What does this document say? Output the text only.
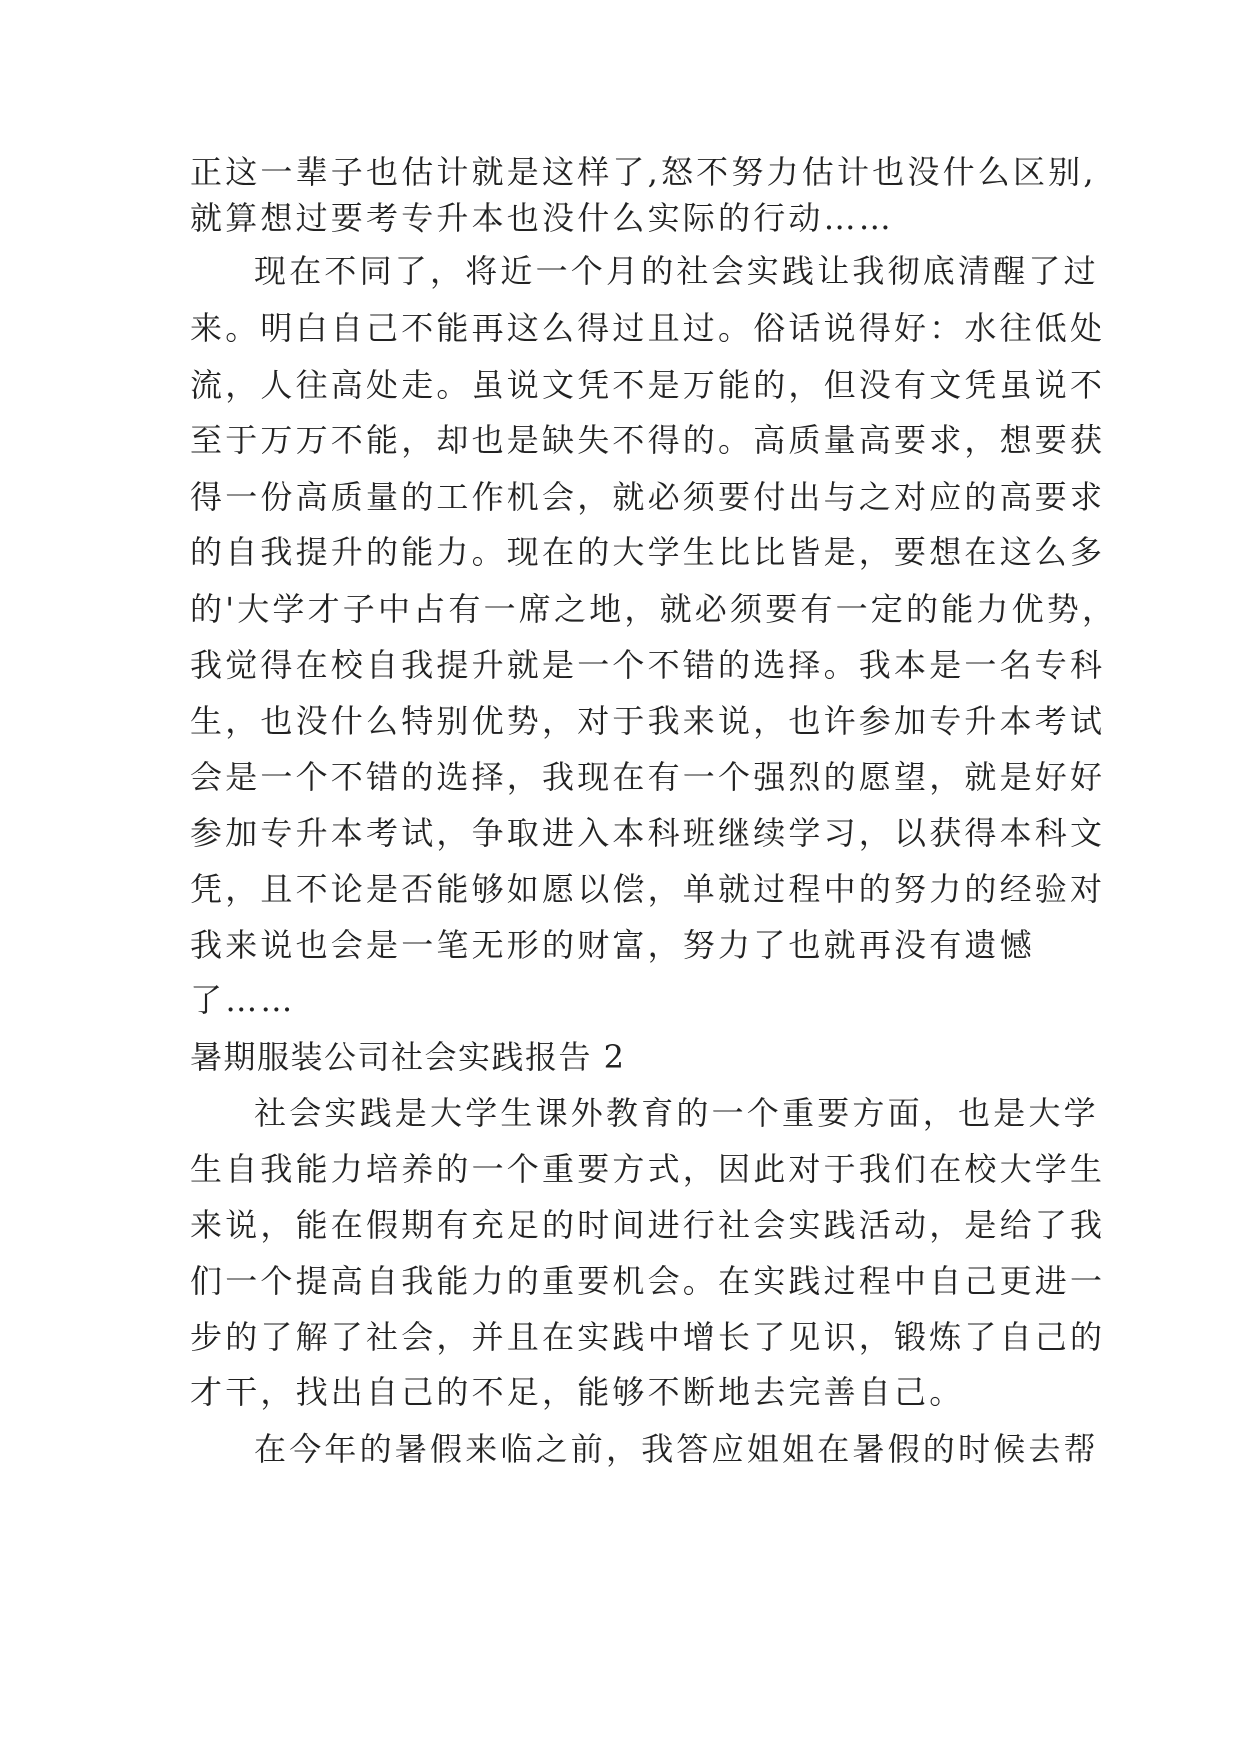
正这一辈子也估计就是这样了,怒不努力估计也没什么区别,
就算想过要考专升本也没什么实际的行动……
现在不同了，将近一个月的社会实践让我彻底清醒了过
来。明白自己不能再这么得过且过。俗话说得好：水往低处
流，人往高处走。虽说文凭不是万能的，但没有文凭虽说不
至于万万不能，却也是缺失不得的。高质量高要求，想要获
得一份高质量的工作机会，就必须要付出与之对应的高要求
的自我提升的能力。现在的大学生比比皆是，要想在这么多
的'大学才子中占有一席之地，就必须要有一定的能力优势，
我觉得在校自我提升就是一个不错的选择。我本是一名专科
生，也没什么特别优势，对于我来说，也许参加专升本考试
会是一个不错的选择，我现在有一个强烈的愿望，就是好好
参加专升本考试，争取进入本科班继续学习，以获得本科文
凭，且不论是否能够如愿以偿，单就过程中的努力的经验对
我来说也会是一笔无形的财富，努力了也就再没有遗憾
了……
暑期服装公司社会实践报告 2
社会实践是大学生课外教育的一个重要方面，也是大学
生自我能力培养的一个重要方式，因此对于我们在校大学生
来说，能在假期有充足的时间进行社会实践活动，是给了我
们一个提高自我能力的重要机会。在实践过程中自己更进一
步的了解了社会，并且在实践中增长了见识，锻炼了自己的
才干，找出自己的不足，能够不断地去完善自己。
在今年的暑假来临之前，我答应姐姐在暑假的时候去帮
